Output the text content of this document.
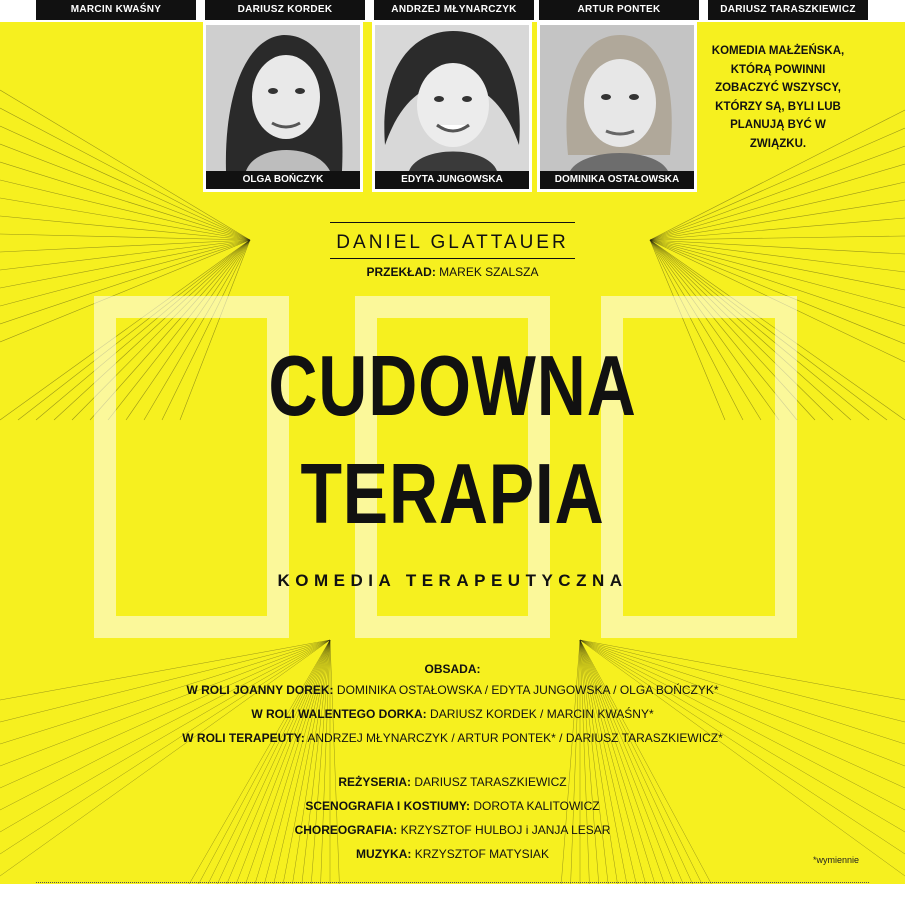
MARCIN KWAŚNY	DARIUSZ KORDEK	ANDRZEJ MŁYNARCZYK	ARTUR PONTEK	DARIUSZ TARASZKIEWICZ
OLGA BOŃCZYK	EDYTA JUNGOWSKA	DOMINIKA OSTAŁOWSKA
KOMEDIA MAŁŻEŃSKA, KTÓRĄ POWINNI ZOBACZYĆ WSZYSCY, KTÓRZY SĄ, BYLI LUB PLANUJĄ BYĆ W ZWIĄZKU.
DANIEL GLATTAUER
PRZEKŁAD: MAREK SZALSZA
CUDOWNA
TERAPIA
KOMEDIA TERAPEUTYCZNA
OBSADA:
W ROLI JOANNY DOREK: DOMINIKA OSTAŁOWSKA / EDYTA JUNGOWSKA / OLGA BOŃCZYK*
W ROLI WALENTEGO DORKA: DARIUSZ KORDEK / MARCIN KWAŚNY*
W ROLI TERAPEUTY: ANDRZEJ MŁYNARCZYK / ARTUR PONTEK* / DARIUSZ TARASZKIEWICZ*
REŻYSERIA: DARIUSZ TARASZKIEWICZ
SCENOGRAFIA I KOSTIUMY: DOROTA KALITOWICZ
CHOREOGRAFIA: KRZYSZTOF HULBOJ i JANJA LESAR
MUZYKA: KRZYSZTOF MATYSIAK	*wymiennie
